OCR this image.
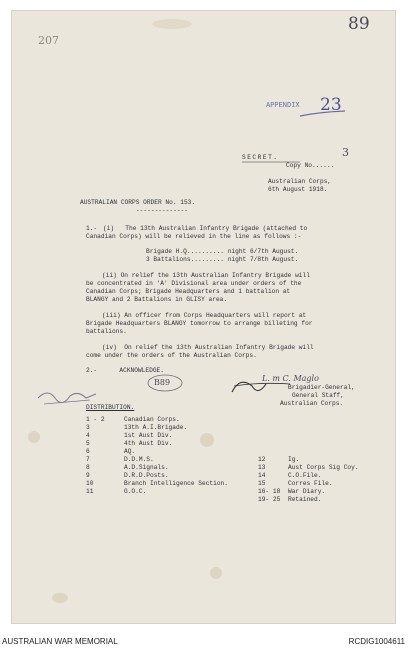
89
207
APPENDIX 23
SECRET.	3
Copy No......
Australian Corps,
6th August 1918.
AUSTRALIAN CORPS ORDER No. 153.
--------------
1.- (i)   The 13th Australian Infantry Brigade (attached to
Canadian Corps) will be relieved in the line as follows :-
Brigade H.Q.......... night 6/7th August.
3 Battalions......... night 7/8th August.
(ii) On relief the 13th Australian Infantry Brigade will
be concentrated in 'A' Divisional area under orders of the
Canadian Corps; Brigade Headquarters and 1 battalion at
BLANGY and 2 Battalions in GLISY area.
(iii) An officer from Corps Headquarters will report at
Brigade Headquarters BLANGY tomorrow to arrange billeting for
battalions.
(iv)  On relief the 13th Australian Infantry Brigade will
come under the orders of the Australian Corps.
2.-      ACKNOWLEDGE.
B89	L. m C. Maglo
Brigadier-General,
General Staff,
Australian Corps.
DISTRIBUTION.
1 - 2	Canadian Corps.
3	13th A.I.Brigade.
4	1st Aust Div.
5	4th Aust Div.
6	AQ.
7	D.D.M.S.
8	A.D.Signals.
9	D.R.D.Posts.
10	Branch Intelligence Section.
11	G.O.C.
12	Ig.
13	Aust Corps Sig Coy.
14	C.O.File.
15	Corres File.
16- 18 War Diary.
19- 25 Retained.
AUSTRALIAN WAR MEMORIAL	RCDIG1004611
